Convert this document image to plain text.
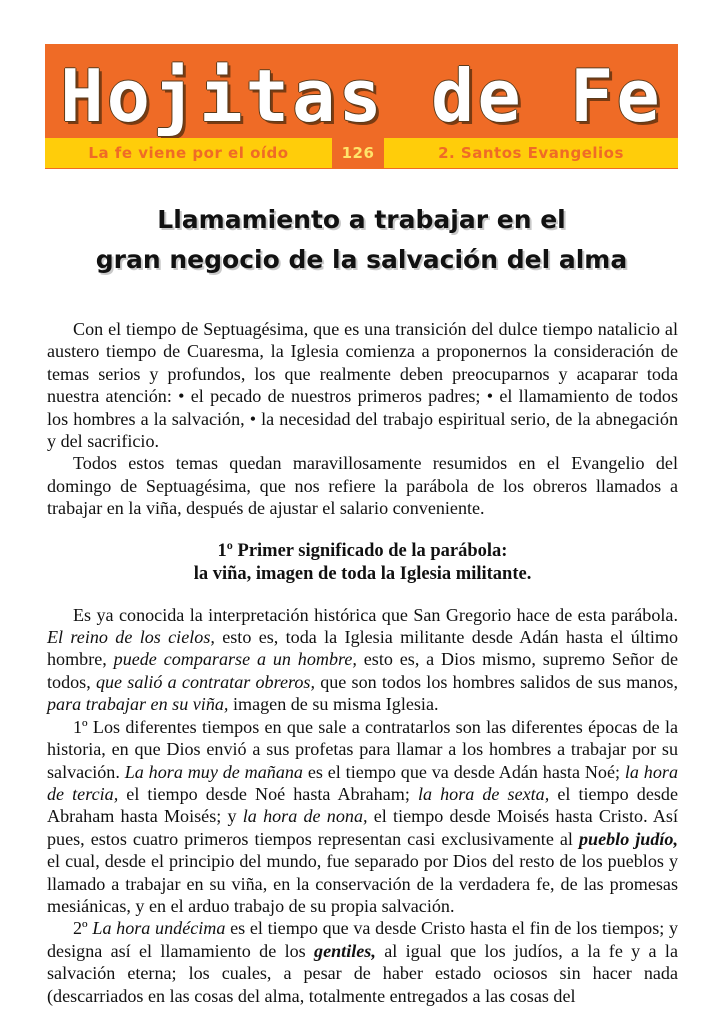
Hojitas de Fe
La fe viene por el oído	126	2. Santos Evangelios
Llamamiento a trabajar en el
gran negocio de la salvación del alma

Con el tiempo de Septuagésima, que es una transición del dulce tiempo natalicio al austero tiempo de Cuaresma, la Iglesia comienza a proponernos la consideración de temas serios y profundos, los que realmente deben preocuparnos y acaparar toda nuestra atención: • el pecado de nuestros primeros padres; • el llamamiento de todos los hombres a la salvación, • la necesidad del trabajo espiritual serio, de la abnegación y del sacrificio.

Todos estos temas quedan maravillosamente resumidos en el Evangelio del domingo de Septuagésima, que nos refiere la parábola de los obreros llamados a trabajar en la viña, después de ajustar el salario conveniente.

1º Primer significado de la parábola:
la viña, imagen de toda la Iglesia militante.

Es ya conocida la interpretación histórica que San Gregorio hace de esta parábola. El reino de los cielos, esto es, toda la Iglesia militante desde Adán hasta el último hombre, puede compararse a un hombre, esto es, a Dios mismo, supremo Señor de todos, que salió a contratar obreros, que son todos los hombres salidos de sus manos, para trabajar en su viña, imagen de su misma Iglesia.

1º Los diferentes tiempos en que sale a contratarlos son las diferentes épocas de la historia, en que Dios envió a sus profetas para llamar a los hombres a trabajar por su salvación. La hora muy de mañana es el tiempo que va desde Adán hasta Noé; la hora de tercia, el tiempo desde Noé hasta Abraham; la hora de sexta, el tiempo desde Abraham hasta Moisés; y la hora de nona, el tiempo desde Moisés hasta Cristo. Así pues, estos cuatro primeros tiempos representan casi exclusivamente al pueblo judío, el cual, desde el principio del mundo, fue separado por Dios del resto de los pueblos y llamado a trabajar en su viña, en la conservación de la verdadera fe, de las promesas mesiánicas, y en el arduo trabajo de su propia salvación.

2º La hora undécima es el tiempo que va desde Cristo hasta el fin de los tiempos; y designa así el llamamiento de los gentiles, al igual que los judíos, a la fe y a la salvación eterna; los cuales, a pesar de haber estado ociosos sin hacer nada (descarriados en las cosas del alma, totalmente entregados a las cosas del
